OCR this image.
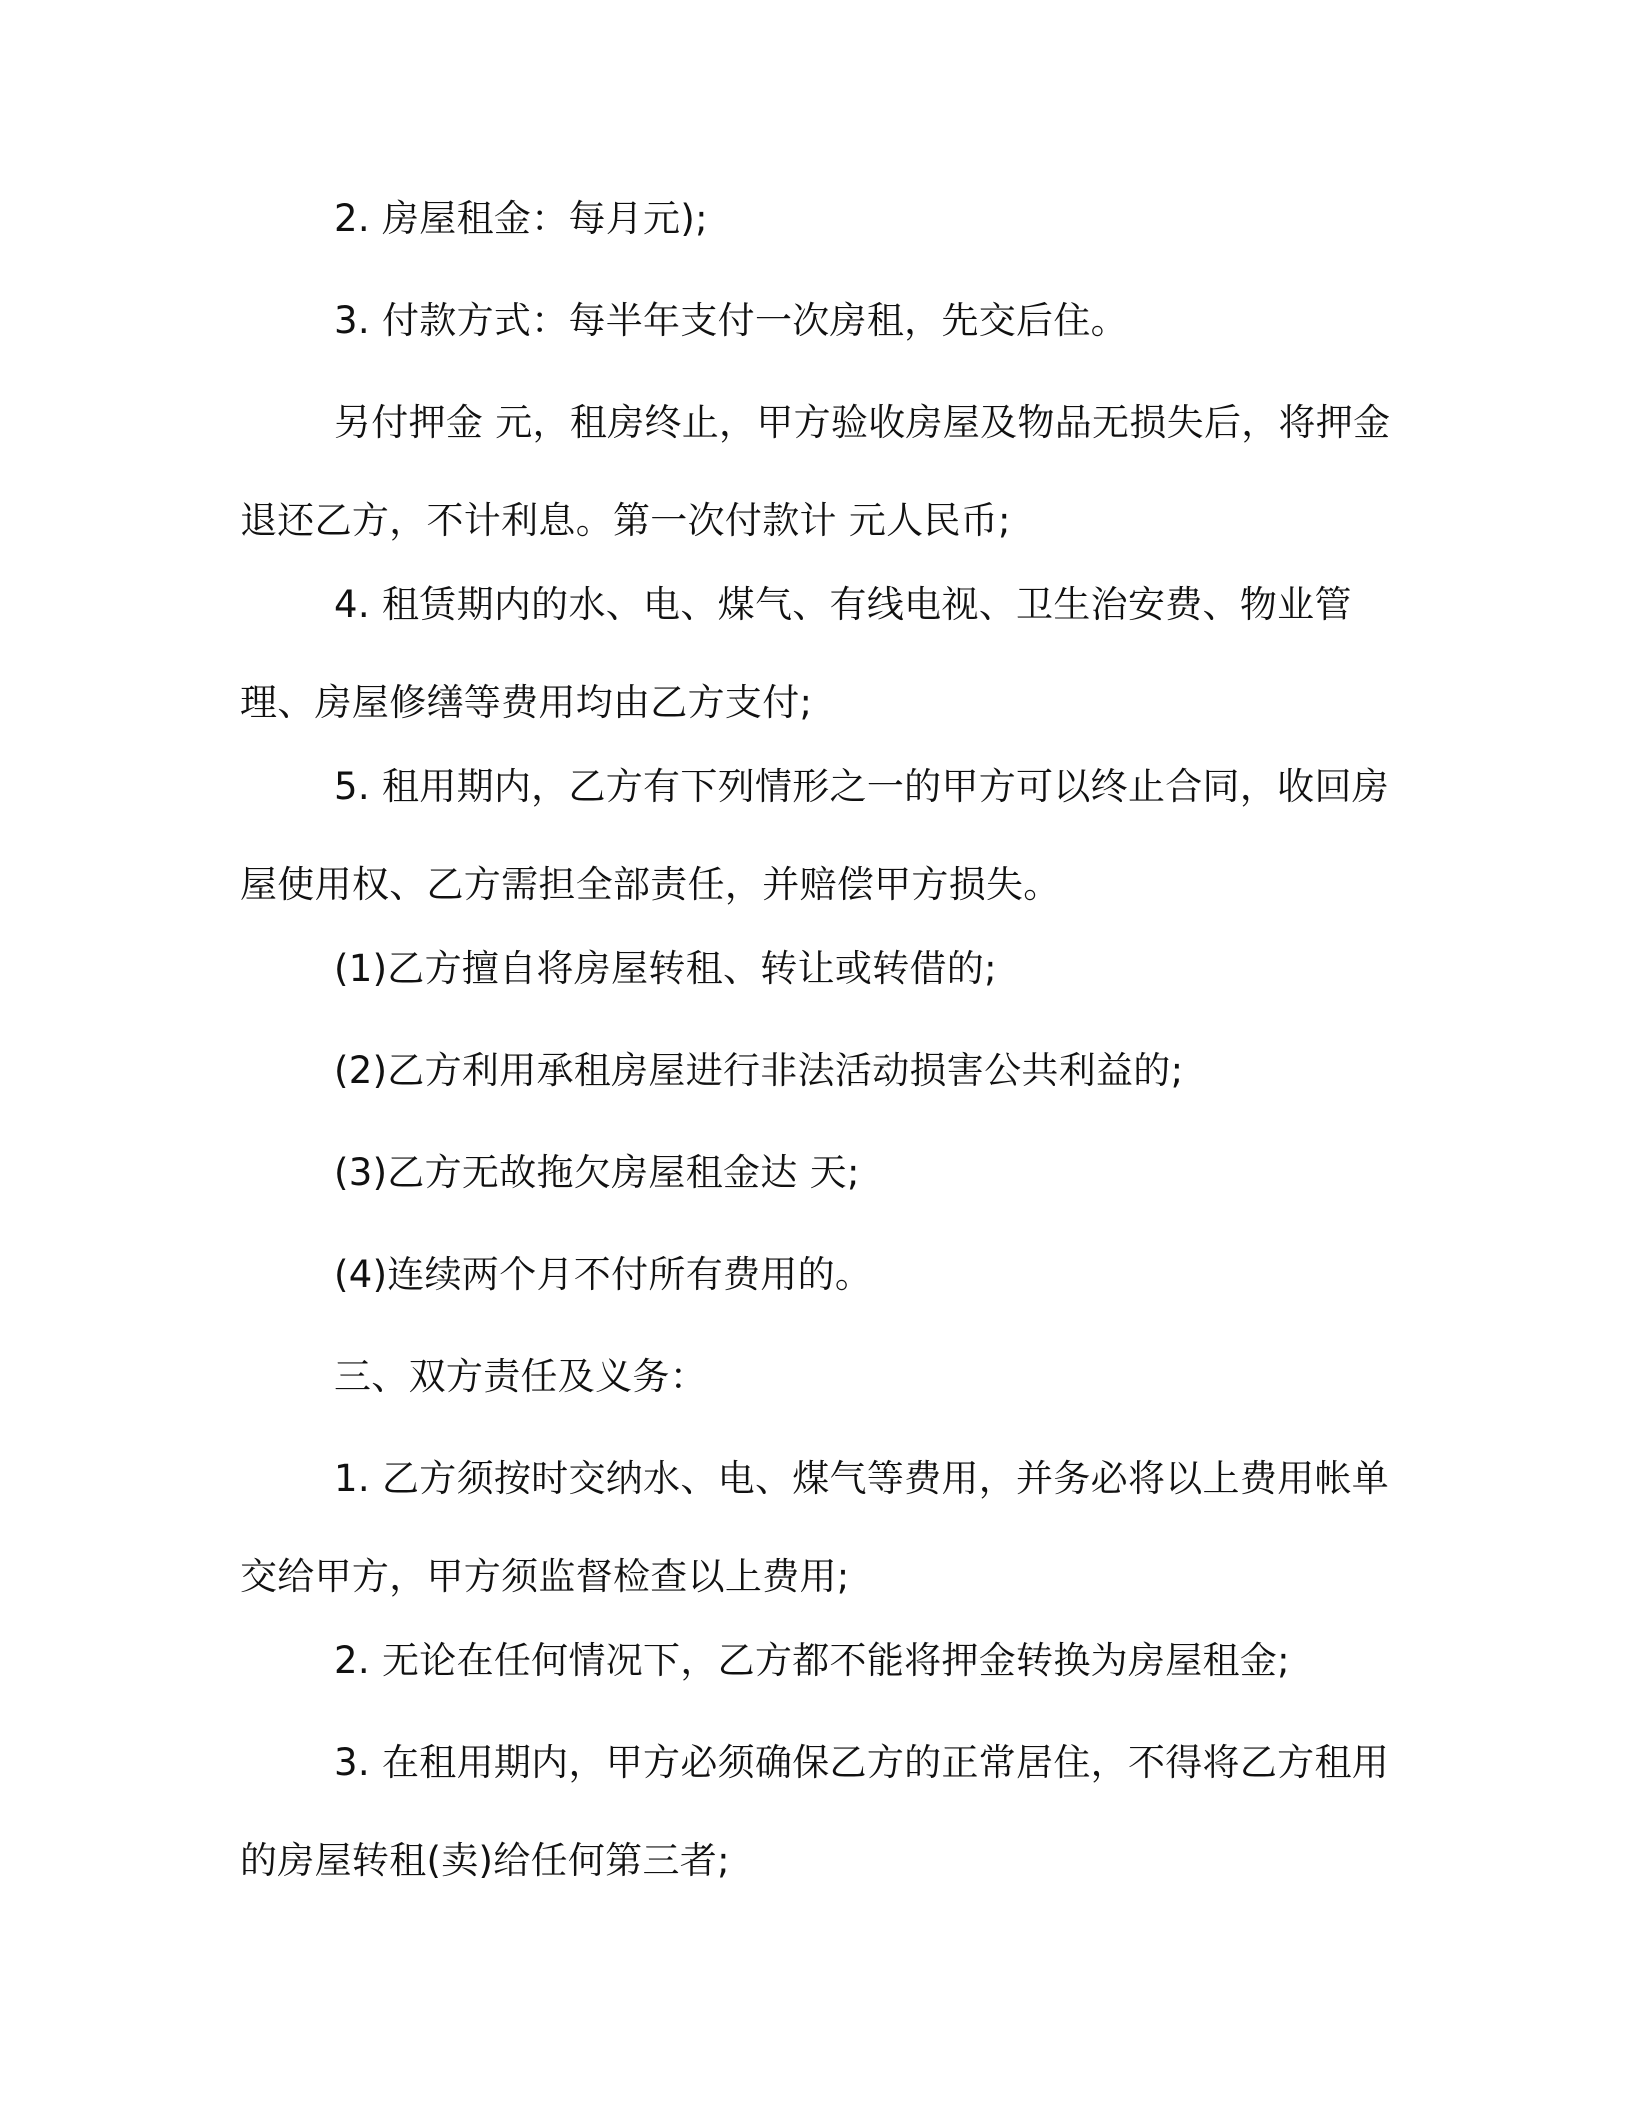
2. 房屋租金：每月元);

3. 付款方式：每半年支付一次房租，先交后住。

另付押金 元，租房终止，甲方验收房屋及物品无损失后，将押金退还乙方，不计利息。第一次付款计 元人民币;

4. 租赁期内的水、电、煤气、有线电视、卫生治安费、物业管理、房屋修缮等费用均由乙方支付;

5. 租用期内，乙方有下列情形之一的甲方可以终止合同，收回房屋使用权、乙方需担全部责任，并赔偿甲方损失。

(1)乙方擅自将房屋转租、转让或转借的;

(2)乙方利用承租房屋进行非法活动损害公共利益的;

(3)乙方无故拖欠房屋租金达 天;

(4)连续两个月不付所有费用的。

三、双方责任及义务：

1. 乙方须按时交纳水、电、煤气等费用，并务必将以上费用帐单交给甲方，甲方须监督检查以上费用;

2. 无论在任何情况下，乙方都不能将押金转换为房屋租金;

3. 在租用期内，甲方必须确保乙方的正常居住，不得将乙方租用的房屋转租(卖)给任何第三者;
